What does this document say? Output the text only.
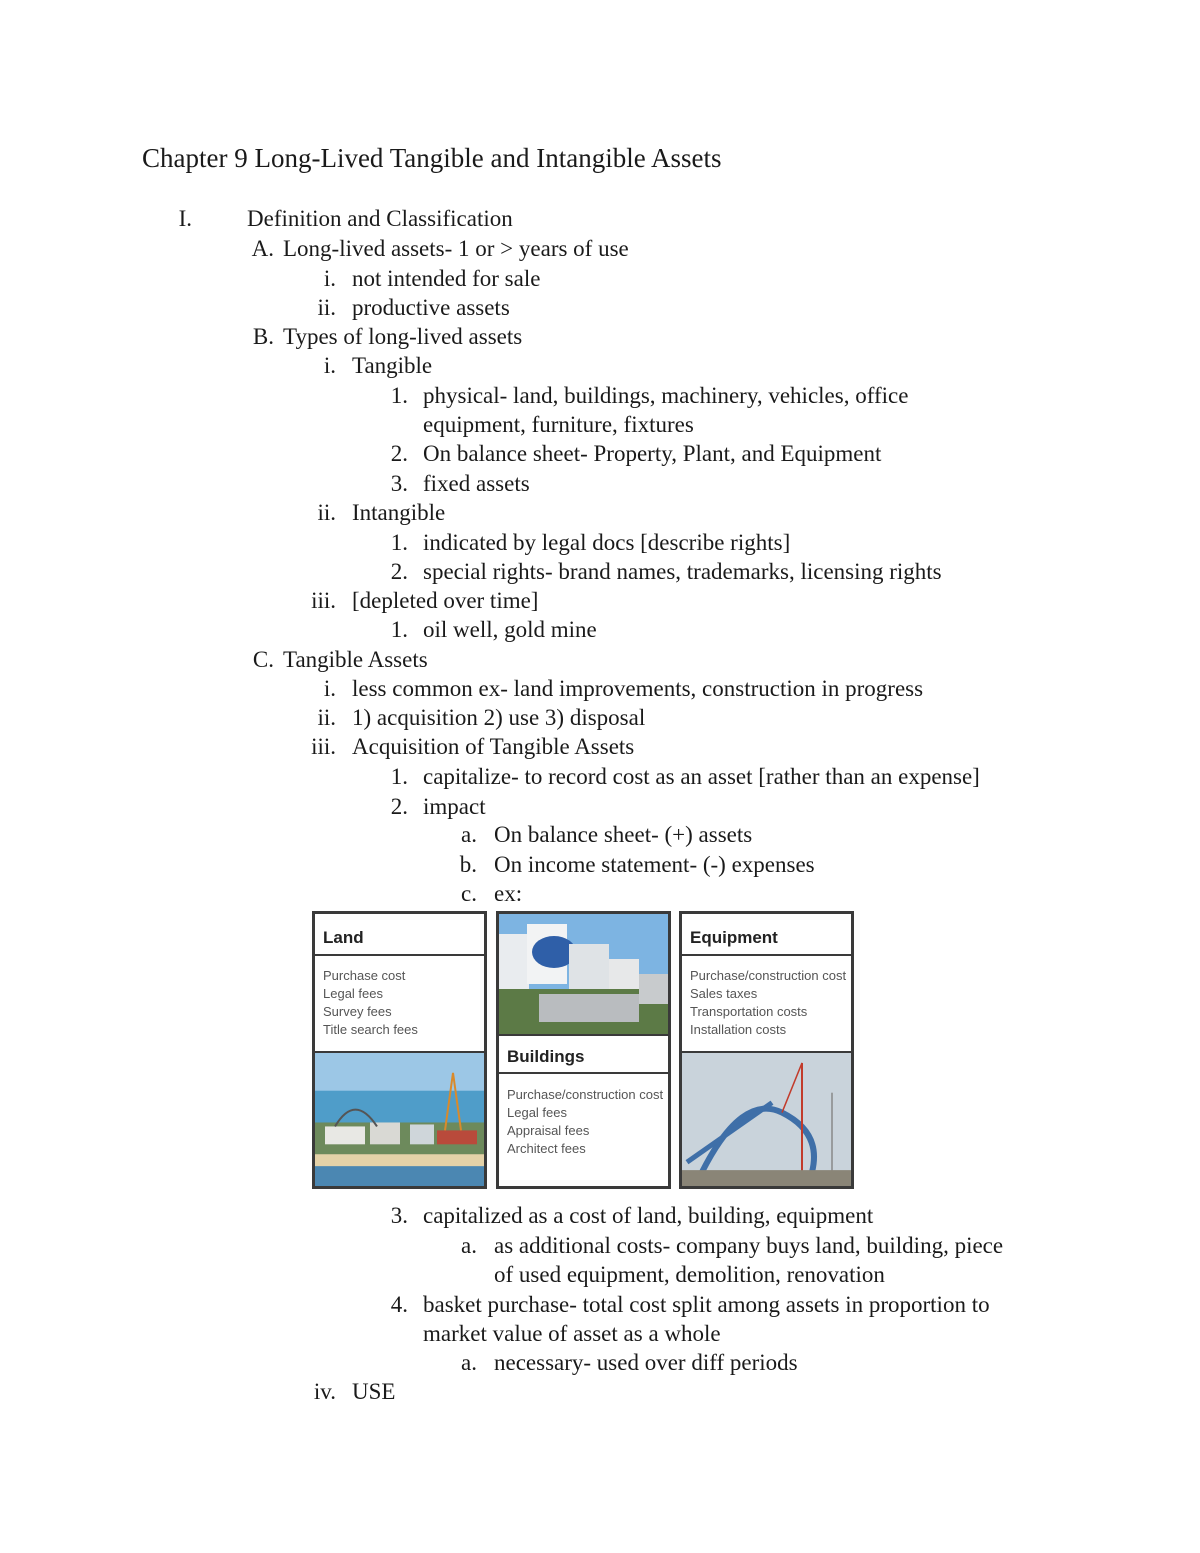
Chapter 9 Long-Lived Tangible and Intangible Assets
I. Definition and Classification
A. Long-lived assets- 1 or > years of use
i. not intended for sale
ii. productive assets
B. Types of long-lived assets
i. Tangible
1. physical- land, buildings, machinery, vehicles, office
equipment, furniture, fixtures
2. On balance sheet- Property, Plant, and Equipment
3. fixed assets
ii. Intangible
1. indicated by legal docs [describe rights]
2. special rights- brand names, trademarks, licensing rights
iii. [depleted over time]
1. oil well, gold mine
C. Tangible Assets
i. less common ex- land improvements, construction in progress
ii. 1) acquisition 2) use 3) disposal
iii. Acquisition of Tangible Assets
1. capitalize- to record cost as an asset [rather than an expense]
2. impact
a. On balance sheet- (+) assets
b. On income statement- (-) expenses
c. ex:
Land
Purchase cost
Legal fees
Survey fees
Title search fees
Buildings
Purchase/construction cost
Legal fees
Appraisal fees
Architect fees
Equipment
Purchase/construction cost
Sales taxes
Transportation costs
Installation costs
3. capitalized as a cost of land, building, equipment
a. as additional costs- company buys land, building, piece
of used equipment, demolition, renovation
4. basket purchase- total cost split among assets in proportion to
market value of asset as a whole
a. necessary- used over diff periods
iv. USE
